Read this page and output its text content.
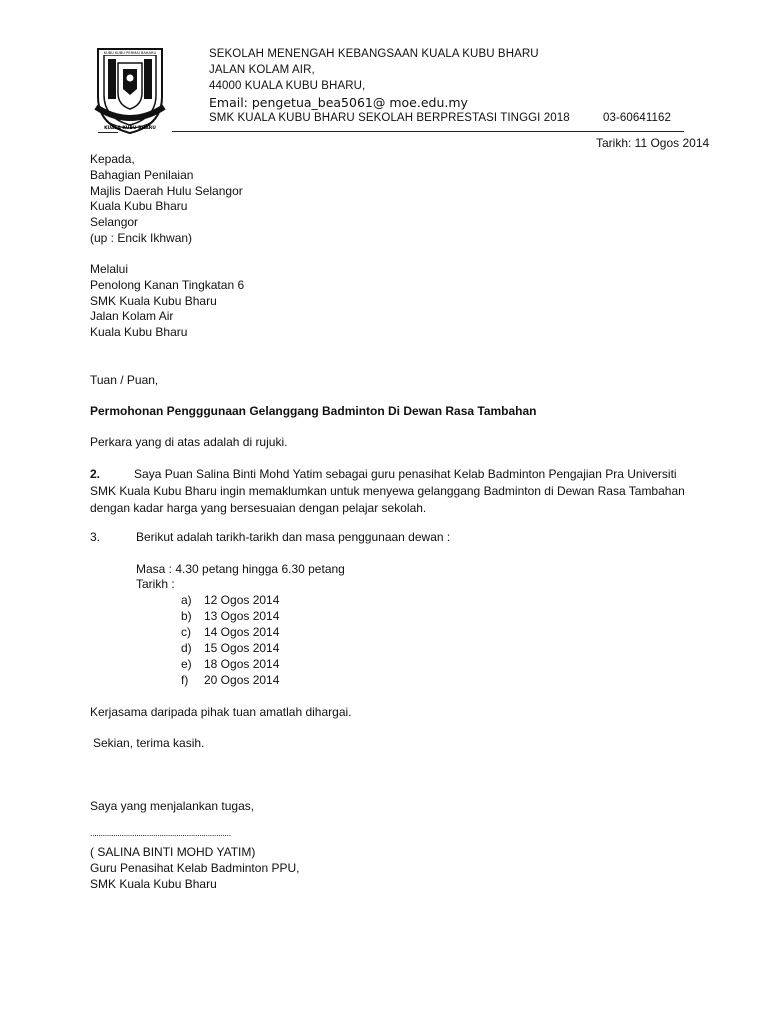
KUBU KUBU PERMAI BAHARU
KUALA KUBU BHARU
SEKOLAH MENENGAH KEBANGSAAN KUALA KUBU BHARU
JALAN KOLAM AIR,
44000 KUALA KUBU BHARU,
Email: pengetua_bea5061@ moe.edu.my
SMK KUALA KUBU BHARU SEKOLAH BERPRESTASI TINGGI 2018	03-60641162
Tarikh: 11 Ogos 2014
Kepada,
Bahagian Penilaian
Majlis Daerah Hulu Selangor
Kuala Kubu Bharu
Selangor
(up : Encik Ikhwan)
Melalui
Penolong Kanan Tingkatan 6
SMK Kuala Kubu Bharu
Jalan Kolam Air
Kuala Kubu Bharu
Tuan / Puan,
Permohonan Pengggunaan Gelanggang Badminton Di Dewan Rasa Tambahan
Perkara yang di atas adalah di rujuki.
2.	Saya Puan Salina Binti Mohd Yatim sebagai guru penasihat Kelab Badminton Pengajian Pra Universiti SMK Kuala Kubu Bharu ingin memaklumkan untuk menyewa gelanggang Badminton di Dewan Rasa Tambahan dengan kadar harga yang bersesuaian dengan pelajar sekolah.
3.	Berikut adalah tarikh-tarikh dan masa penggunaan dewan :
Masa : 4.30 petang hingga 6.30 petang
Tarikh :
a) 12 Ogos 2014
b) 13 Ogos 2014
c) 14 Ogos 2014
d) 15 Ogos 2014
e) 18 Ogos 2014
f) 20 Ogos 2014
Kerjasama daripada pihak tuan amatlah dihargai.
Sekian, terima kasih.
Saya yang menjalankan tugas,
...................................................................
( SALINA BINTI MOHD YATIM)
Guru Penasihat Kelab Badminton PPU,
SMK Kuala Kubu Bharu
